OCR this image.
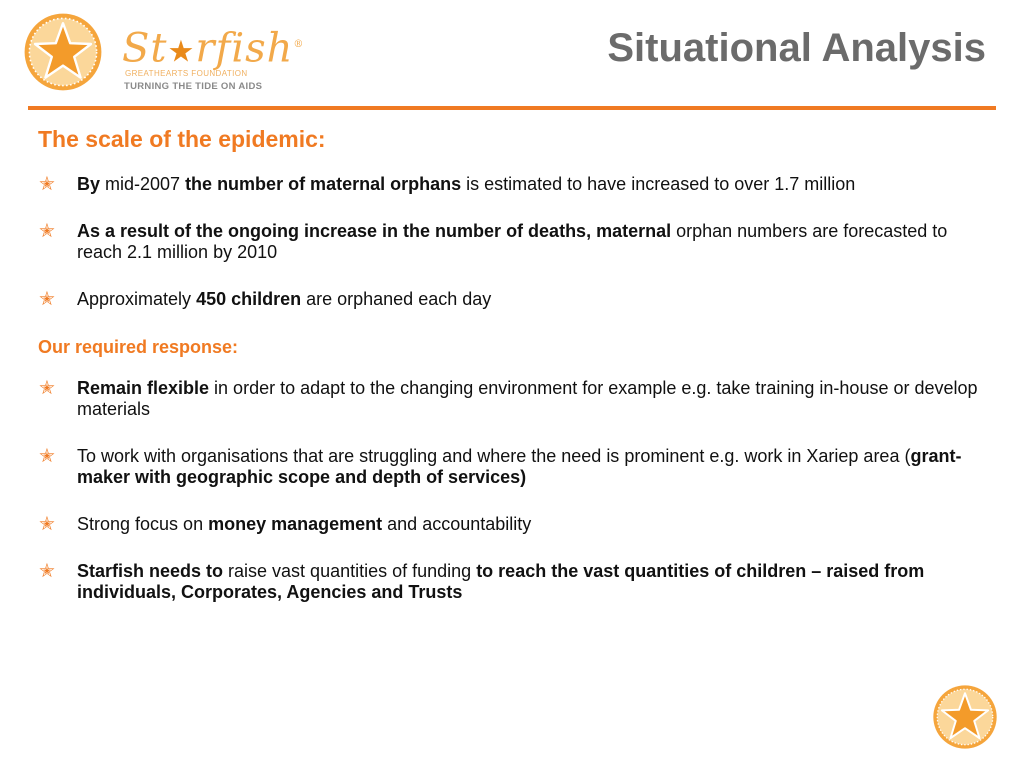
St★rfish®
GREATHEARTS FOUNDATION
TURNING THE TIDE ON AIDS
Situational Analysis
The scale of the epidemic:
✭ By mid-2007 the number of maternal orphans is estimated to have increased to over 1.7 million
✭ As a result of the ongoing increase in the number of deaths, maternal orphan numbers are forecasted to reach 2.1 million by 2010
✭ Approximately 450 children are orphaned each day
Our required response:
✭ Remain flexible in order to adapt to the changing environment for example e.g. take training in-house or develop materials
✭ To work with organisations that are struggling and where the need is prominent e.g. work in Xariep area (grant-maker with geographic scope and depth of services)
✭ Strong focus on money management and accountability
✭ Starfish needs to raise vast quantities of funding to reach the vast quantities of children – raised from individuals, Corporates, Agencies and Trusts
